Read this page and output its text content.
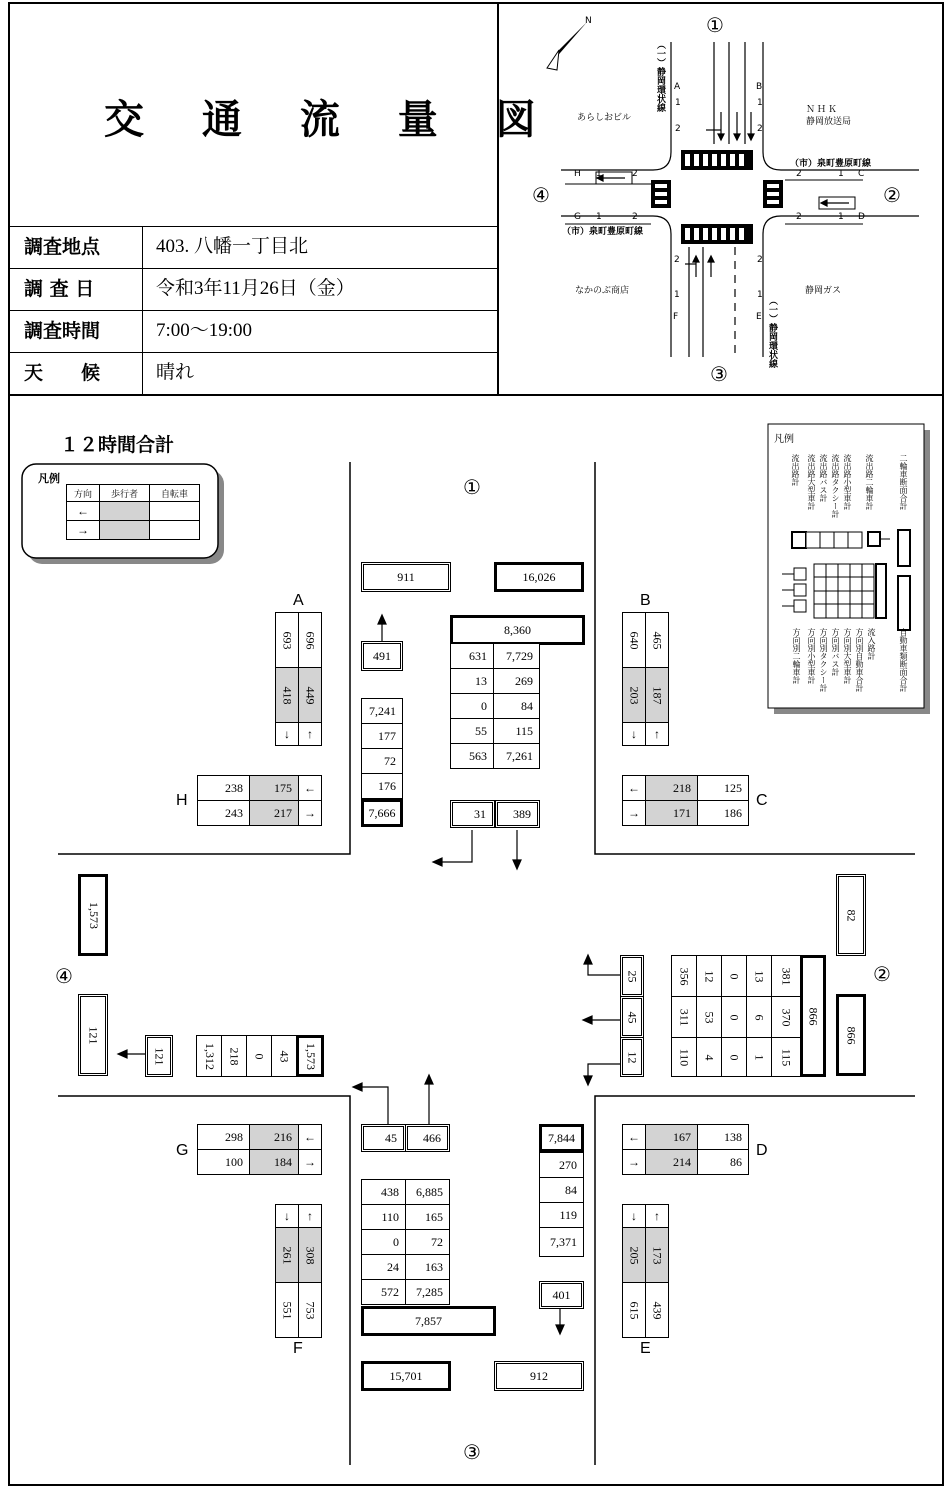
交 通 流 量 図
調査地点	403. 八幡一丁目北
調 査 日	令和3年11月26日（金）
調査時間	7:00～19:00
天　　候	晴れ
①
②
③
④
N
（一）静岡環状線
（一）静岡環状線
（市）泉町豊原町線
（市）泉町豊原町線
あらしおビル
ＮＨＫ
静岡放送局
なかのぶ商店	静岡ガス
A
1
2
B
1
2
2	1 C
2	1 D
2
1
E
2
1
F
H 1	2
G 1	2
１２時間合計
①
②
③
④
凡例
方向	歩行者	自転車
←
→
凡例
流出路計 流出路大型車計 流出路バス計 流出路タクシー計 流出路小型車計 流出路二輪車計	二輪車断面合計
方向別二輪車計 方向別小型車計 方向別タクシー計 方向別バス計 方向別大型車計 方向別自動車合計 流入路計	自動車類断面合計
911	16,026
491
8,360
7,241
177
72
176
7,666
631	7,729
13	269
0	84
55	115
563	7,261
31	389
A
693 696
418 449
↓	↑
B
640 465
203 187
↓	↑
H
238	175	←
243	217	→
C
←	218	125
→	171	186
1,573
121
121	1,312 218 0 43 1,573
82
866
866
25
45
12
356 12 0 13 381
311 53 0 6 370
110 4 0 1 115
G
298	216	←
100	184	→
D
←	167	138
→	214	86
45	466
438	6,885
110	165
0	72
24	163
572	7,285
7,857
7,844
270
84
119
7,371
401
15,701	912
F
↓	↑
261 308
551 753
E
↓	↑
205 173
615 439
